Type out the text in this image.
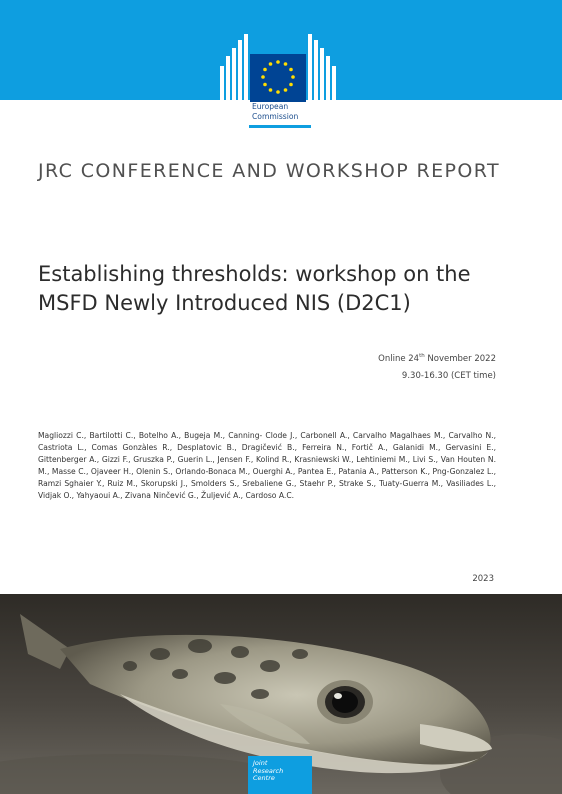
European
Commission
JRC CONFERENCE AND WORKSHOP REPORT
Establishing thresholds: workshop on the
MSFD Newly Introduced NIS (D2C1)
Online 24th November 2022
9.30-16.30 (CET time)
Magliozzi C., Bartilotti C., Botelho A., Bugeja M., Canning- Clode J., Carbonell A., Carvalho Magalhaes M., Carvalho N., Castriota L., Comas Gonzàles R., Desplatovic B., Dragičević B., Ferreira N., Fortič A., Galanidi M., Gervasini E., Gittenberger A., Gizzi F., Gruszka P., Guerin L., Jensen F., Kolind R., Krasniewski W., Lehtiniemi M., Livi S., Van Houten N. M., Masse C., Ojaveer H., Olenin S., Orlando-Bonaca M., Ouerghi A., Pantea E., Patania A., Patterson K., Png-Gonzalez L., Ramzi Sghaier Y., Ruiz M., Skorupski J., Smolders S., Srebaliene G., Staehr P., Strake S., Tuaty-Guerra M., Vasiliades L., Vidjak O., Yahyaoui A., Zivana Ninčević G., Žuljević A., Cardoso A.C.
2023
Joint
Research
Centre
